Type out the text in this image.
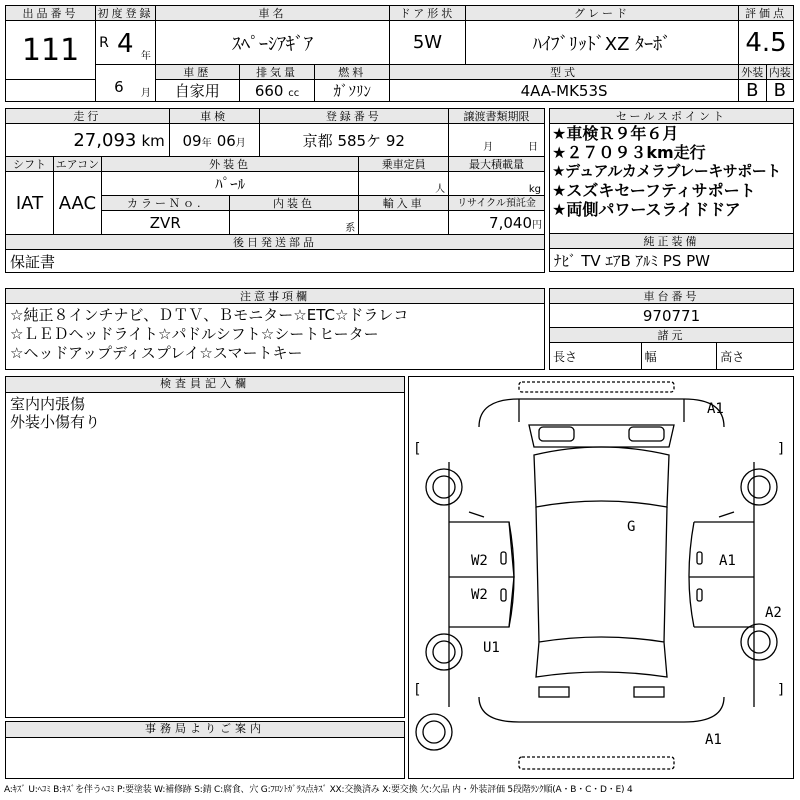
出品番号	初度登録		車名			ドア形状	グレード	評価点	
111	R	4 年	ｽﾍﾟｰｼｱｷﾞｱ			5W	ﾊｲﾌﾞﾘｯﾄﾞXZ ﾀｰﾎﾞ	4.5	

	6 月		車歴	排気量	燃料	型式		外装	内装
			自家用	660 cc	ｶﾞｿﾘﾝ	4AA-MK53S		B	B
走行			車検		登録番号		譲渡書類期限
27,093 km			09年 06月		京都 585ケ 92		月 日

シフト	エアコン	外装色				乗車定員	最大積載量
IAT	AAC	ﾊﾟｰﾙ				人	kg
		カラーＮｏ.		内装色		輸入車	リサイクル預託金
		ZVR		系			7,040円
後日発送部品							
保証書							
セールスポイント

★車検Ｒ９年６月
★２７０９３km走行
★デュアルカメラブレーキサポート
★スズキセーフティサポート
★両側パワースライドドア

純正装備
ﾅﾋﾞ TV ｴｱB ｱﾙﾐ PS PW
注意事項欄

☆純正８インチナビ、ＤＴＶ、Ｂモニター☆ETC☆ドラレコ
☆ＬＥＤヘッドライト☆パドルシフト☆シートヒーター
☆ヘッドアップディスプレイ☆スマートキー
車台番号
970771
諸元
長さ	幅	高さ
検査員記入欄
室内内張傷
外装小傷有り
事務局よりご案内
A1
G
W2	A1
W2
A2
U1
A1
[	]
[	]
A:ｷｽﾞ U:ﾍｺﾐ B:ｷｽﾞを伴うﾍｺﾐ P:要塗装 W:補修跡 S:錆 C:腐食、穴 G:ﾌﾛﾝﾄｶﾞﾗｽ点ｷｽﾞ XX:交換済み X:要交換 欠:欠品 内・外装評価 5段階ﾗﾝｸ順(A・B・C・D・E) 4
